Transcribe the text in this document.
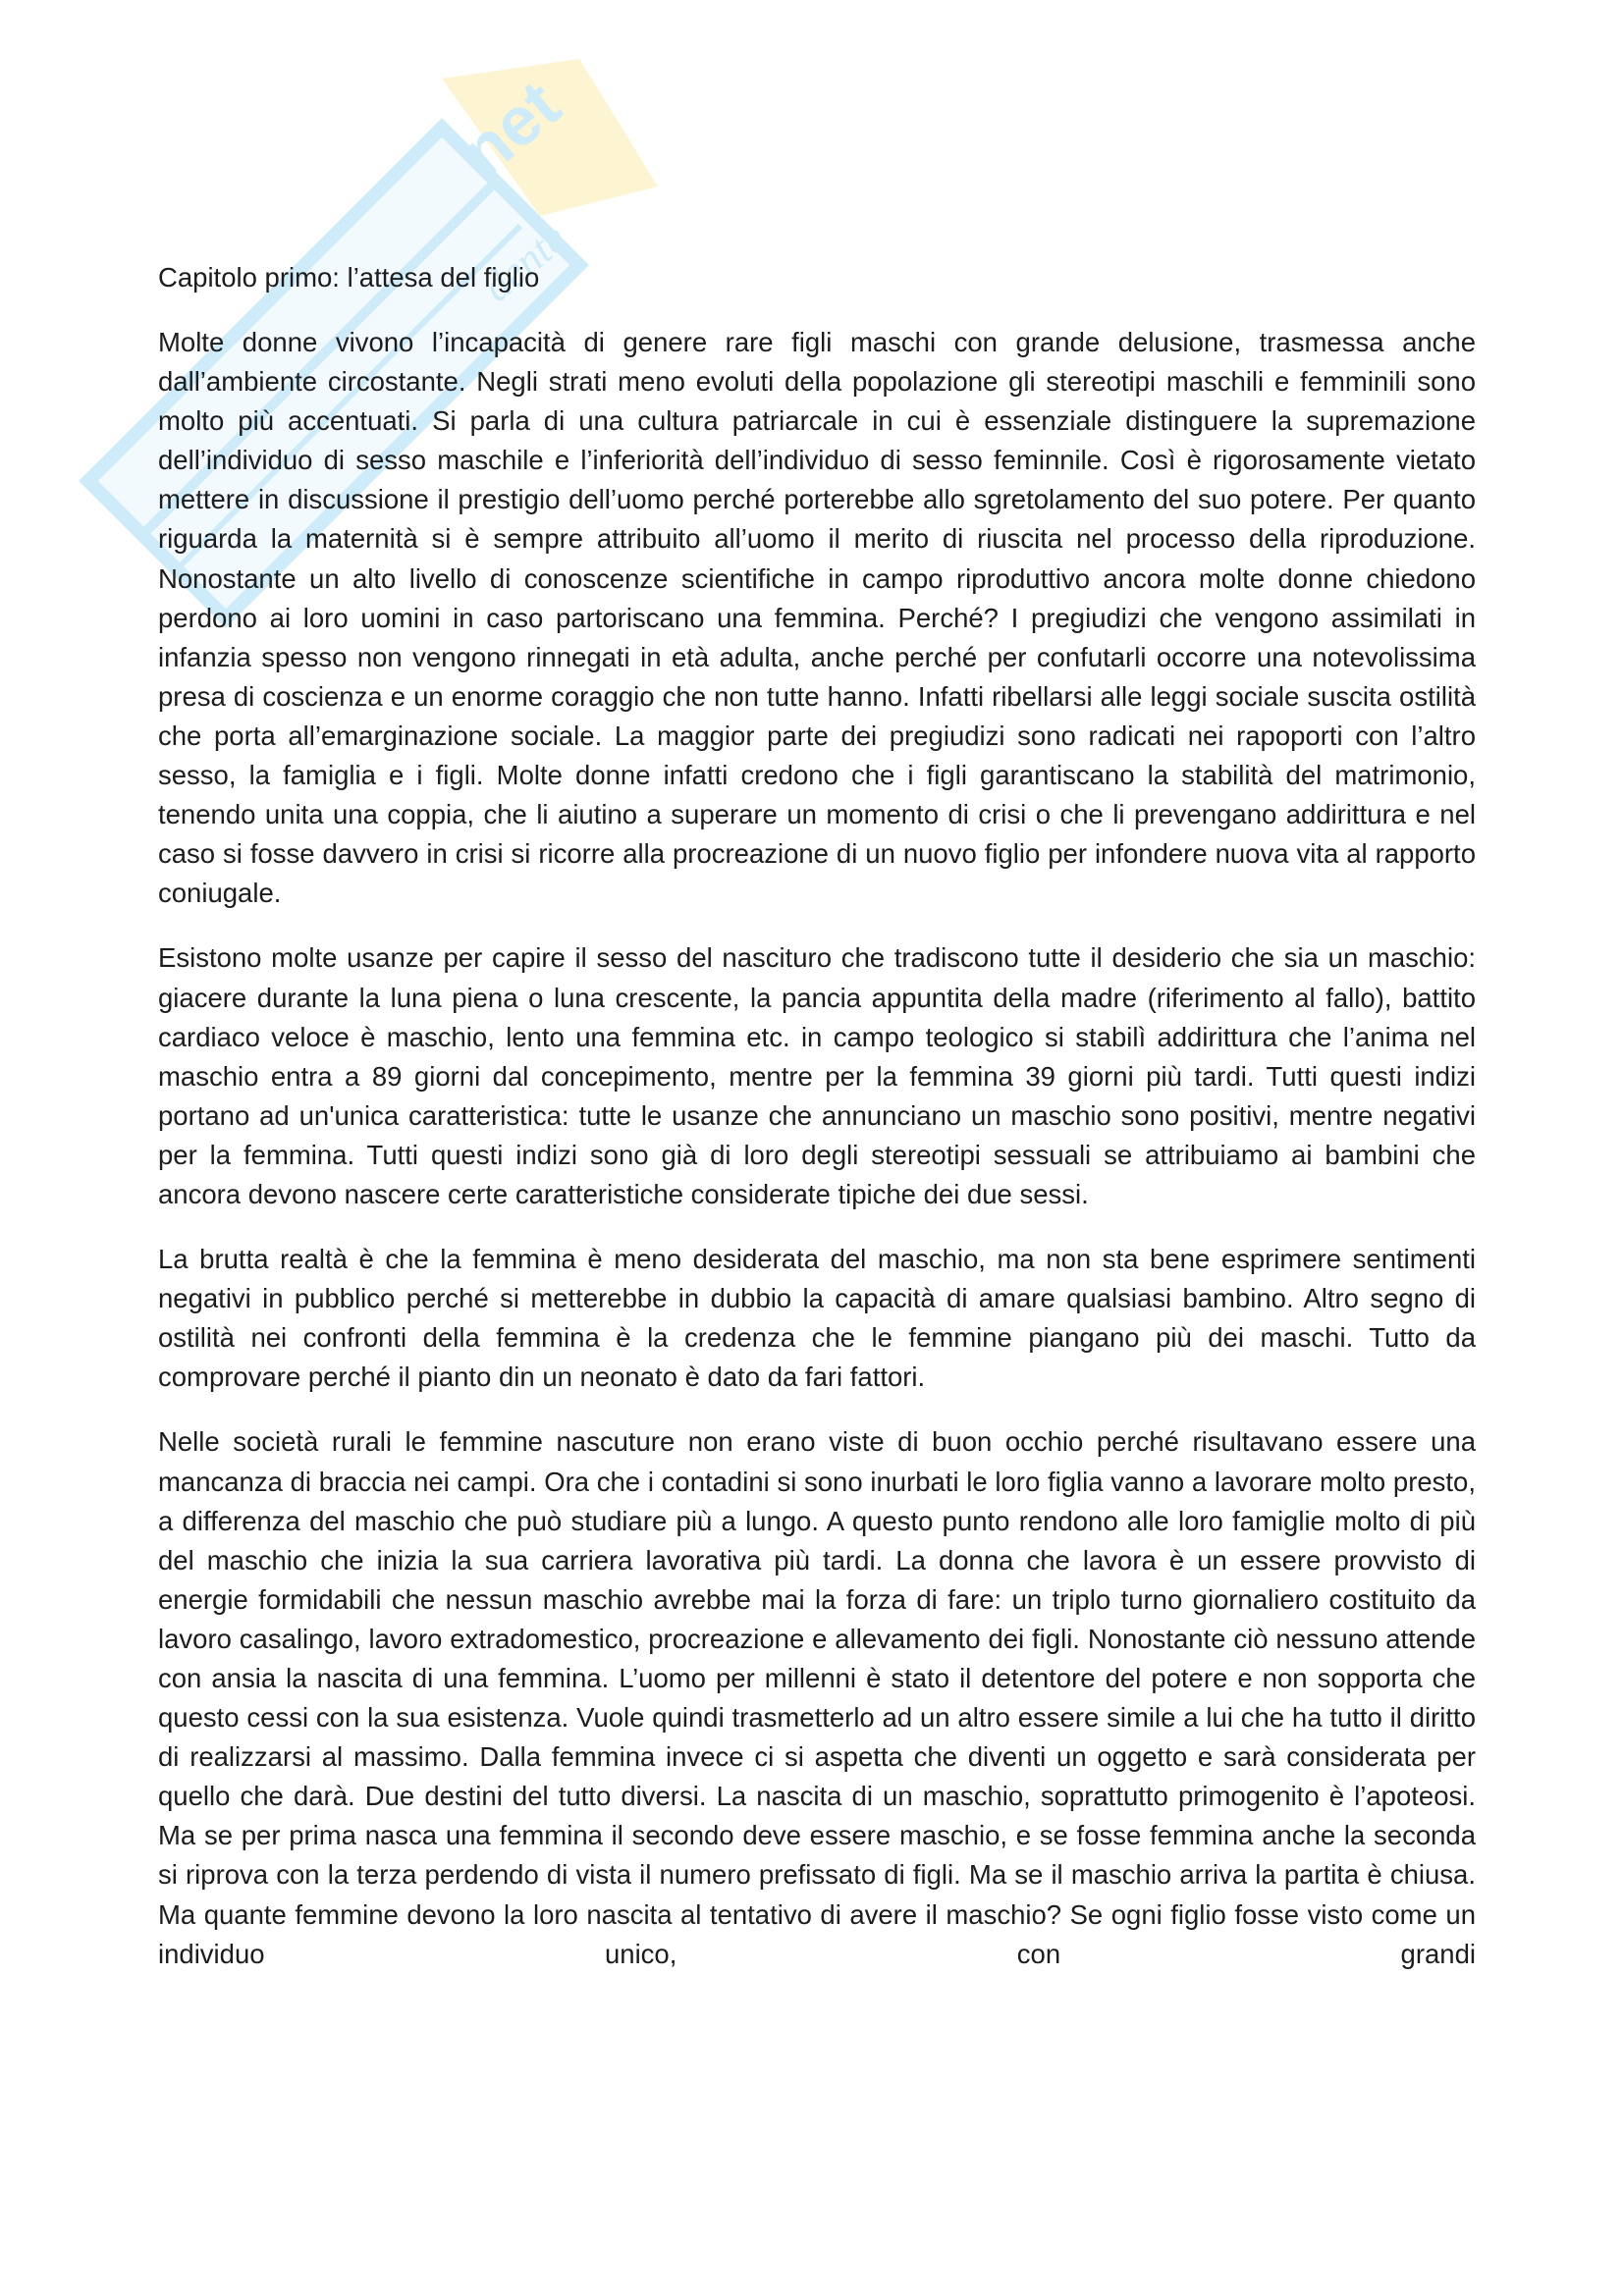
net
dente

Capitolo primo: l’attesa del figlio

Molte donne vivono l’incapacità di genere rare figli maschi con grande delusione, trasmessa anche dall’ambiente circostante. Negli strati meno evoluti della popolazione gli stereotipi maschili e femminili sono molto più accentuati. Si parla di una cultura patriarcale in cui è essenziale distinguere la supremazione dell’individuo di sesso maschile e l’inferiorità dell’individuo di sesso feminnile. Così è rigorosamente vietato mettere in discussione il prestigio dell’uomo perché porterebbe allo sgretolamento del suo potere. Per quanto riguarda la maternità si è sempre attribuito all’uomo il merito di riuscita nel processo della riproduzione. Nonostante un alto livello di conoscenze scientifiche in campo riproduttivo ancora molte donne chiedono perdono ai loro uomini in caso partoriscano una femmina. Perché? I pregiudizi che vengono assimilati in infanzia spesso non vengono rinnegati in età adulta, anche perché per confutarli occorre una notevolissima presa di coscienza e un enorme coraggio che non tutte hanno. Infatti ribellarsi alle leggi sociale suscita ostilità che porta all’emarginazione sociale. La maggior parte dei pregiudizi sono radicati nei rapoporti con l’altro sesso, la famiglia e i figli. Molte donne infatti credono che i figli garantiscano la stabilità del matrimonio, tenendo unita una coppia, che li aiutino a superare un momento di crisi o che li prevengano addirittura e nel caso si fosse davvero in crisi si ricorre alla procreazione di un nuovo figlio per infondere nuova vita al rapporto coniugale.

Esistono molte usanze per capire il sesso del nascituro che tradiscono tutte il desiderio che sia un maschio: giacere durante la luna piena o luna crescente, la pancia appuntita della madre (riferimento al fallo), battito cardiaco veloce è maschio, lento una femmina etc. in campo teologico si stabilì addirittura che l’anima nel maschio entra a 89 giorni dal concepimento, mentre per la femmina 39 giorni più tardi. Tutti questi indizi portano ad un'unica caratteristica: tutte le usanze che annunciano un maschio sono positivi, mentre negativi per la femmina. Tutti questi indizi sono già di loro degli stereotipi sessuali se attribuiamo ai bambini che ancora devono nascere certe caratteristiche considerate tipiche dei due sessi.

La brutta realtà è che la femmina è meno desiderata del maschio, ma non sta bene esprimere sentimenti negativi in pubblico perché si metterebbe in dubbio la capacità di amare qualsiasi bambino. Altro segno di ostilità nei confronti della femmina è la credenza che le femmine piangano più dei maschi. Tutto da comprovare perché il pianto din un neonato è dato da fari fattori.

Nelle società rurali le femmine nascuture non erano viste di buon occhio perché risultavano essere una mancanza di braccia nei campi. Ora che i contadini si sono inurbati le loro figlia vanno a lavorare molto presto, a differenza del maschio che può studiare più a lungo. A questo punto rendono alle loro famiglie molto di più del maschio che inizia la sua carriera lavorativa più tardi. La donna che lavora è un essere provvisto di energie formidabili che nessun maschio avrebbe mai la forza di fare: un triplo turno giornaliero costituito da lavoro casalingo, lavoro extradomestico, procreazione e allevamento dei figli. Nonostante ciò nessuno attende con ansia la nascita di una femmina. L’uomo per millenni è stato il detentore del potere e non sopporta che questo cessi con la sua esistenza. Vuole quindi trasmetterlo ad un altro essere simile a lui che ha tutto il diritto di realizzarsi al massimo. Dalla femmina invece ci si aspetta che diventi un oggetto e sarà considerata per quello che darà. Due destini del tutto diversi. La nascita di un maschio, soprattutto primogenito è l’apoteosi. Ma se per prima nasca una femmina il secondo deve essere maschio, e se fosse femmina anche la seconda si riprova con la terza perdendo di vista il numero prefissato di figli. Ma se il maschio arriva la partita è chiusa. Ma quante femmine devono la loro nascita al tentativo di avere il maschio? Se ogni figlio fosse visto come un individuo unico, con grandi
